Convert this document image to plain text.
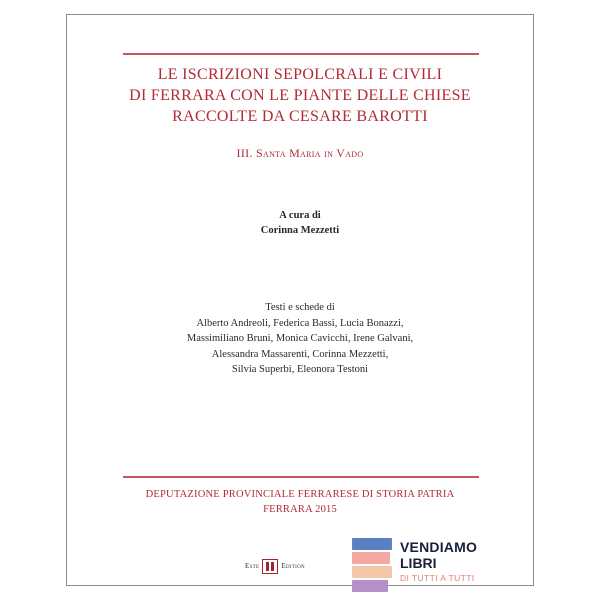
LE ISCRIZIONI SEPOLCRALI E CIVILI
DI FERRARA CON LE PIANTE DELLE CHIESE
RACCOLTE DA CESARE BAROTTI
III. Santa Maria in Vado
A cura di
Corinna Mezzetti
Testi e schede di
Alberto Andreoli, Federica Bassi, Lucia Bonazzi,
Massimiliano Bruni, Monica Cavicchi, Irene Galvani,
Alessandra Massarenti, Corinna Mezzetti,
Silvia Superbi, Eleonora Testoni
DEPUTAZIONE PROVINCIALE FERRARESE DI STORIA PATRIA
FERRARA 2015
Este	Edition
VENDIAMO
LIBRI
DI TUTTI A TUTTI
